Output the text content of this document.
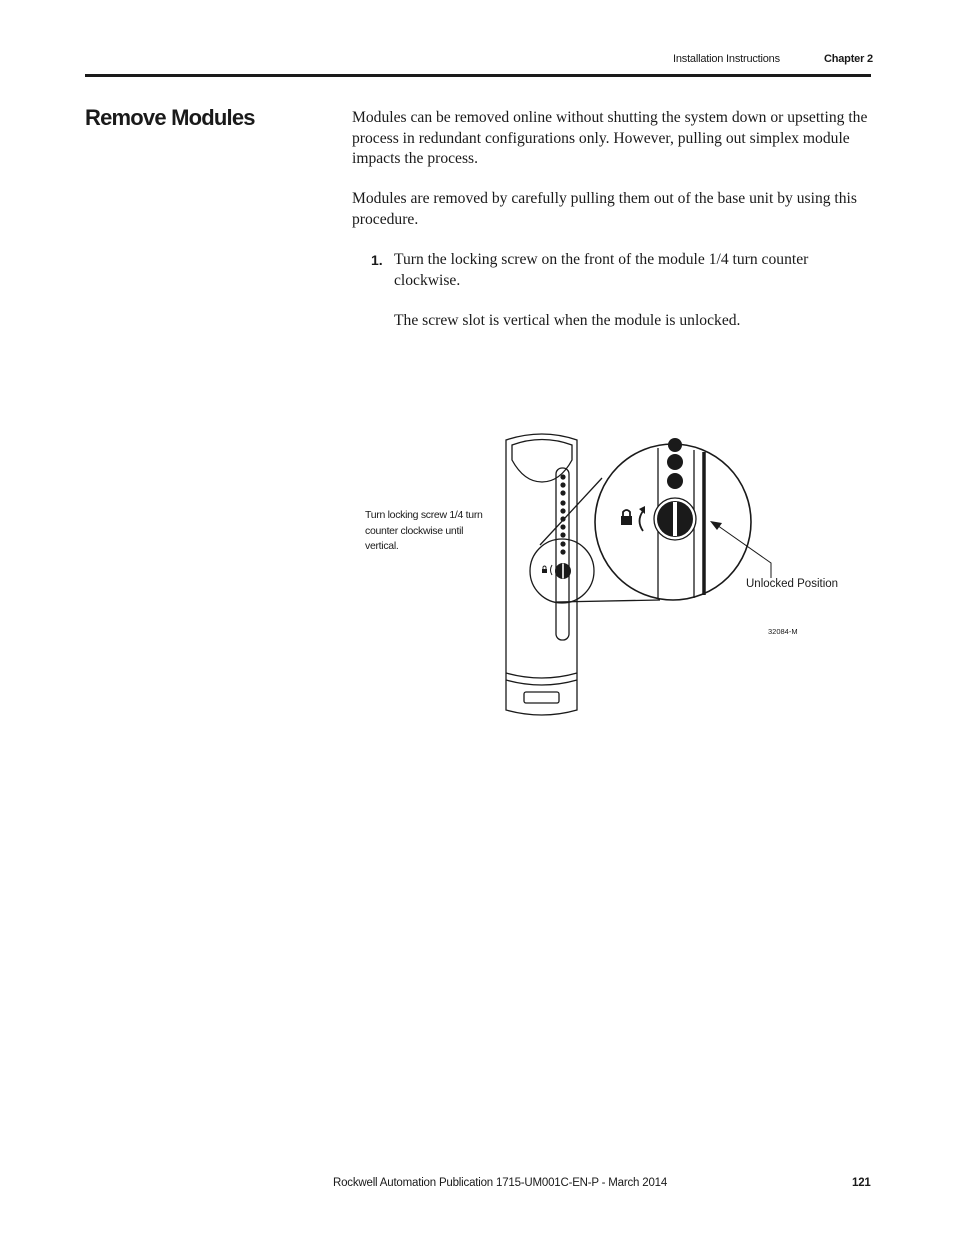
Installation Instructions	Chapter 2
Remove Modules	Modules can be removed online without shutting the system down or upsetting the process in redundant configurations only. However, pulling out simplex module impacts the process.

Modules are removed by carefully pulling them out of the base unit by using this procedure.

1. Turn the locking screw on the front of the module 1/4 turn counter clockwise.

The screw slot is vertical when the module is unlocked.

Turn locking screw 1/4 turn counter clockwise until vertical.
Unlocked Position
32084-M
Rockwell Automation Publication 1715-UM001C-EN-P - March 2014	121
